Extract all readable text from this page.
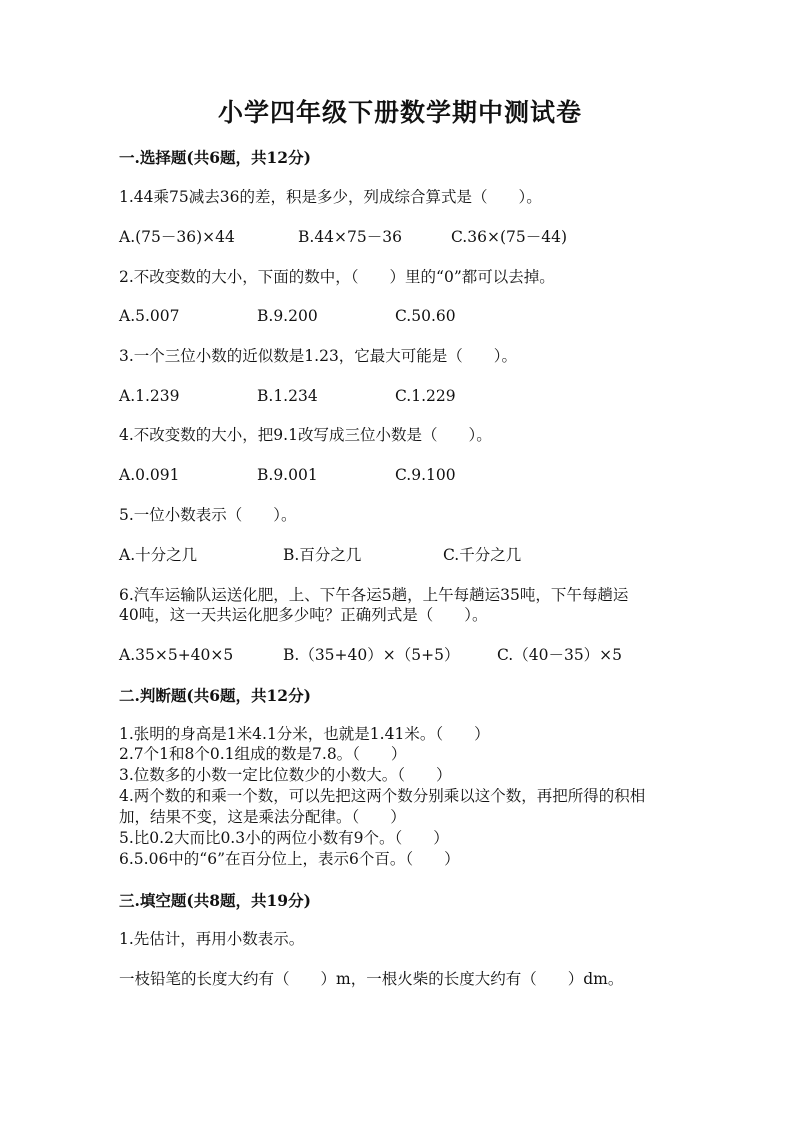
小学四年级下册数学期中测试卷
一.选择题(共6题，共12分)
1.44乘75减去36的差，积是多少，列成综合算式是（　　）。
A.(75－36)×44	B.44×75－36	C.36×(75－44)
2.不改变数的大小，下面的数中，（　　）里的“0”都可以去掉。
A.5.007	B.9.200	C.50.60
3.一个三位小数的近似数是1.23，它最大可能是（　　）。
A.1.239	B.1.234	C.1.229
4.不改变数的大小，把9.1改写成三位小数是（　　）。
A.0.091	B.9.001	C.9.100
5.一位小数表示（　　）。
A.十分之几	B.百分之几	C.千分之几
6.汽车运输队运送化肥，上、下午各运5趟，上午每趟运35吨，下午每趟运
40吨，这一天共运化肥多少吨？正确列式是（　　）。
A.35×5+40×5	B.（35+40）×（5+5） C.（40－35）×5
二.判断题(共6题，共12分)
1.张明的身高是1米4.1分米，也就是1.41米。（　　）
2.7个1和8个0.1组成的数是7.8。（　　）
3.位数多的小数一定比位数少的小数大。（　　）
4.两个数的和乘一个数，可以先把这两个数分别乘以这个数，再把所得的积相
加，结果不变，这是乘法分配律。（　　）
5.比0.2大而比0.3小的两位小数有9个。（　　）
6.5.06中的“6”在百分位上，表示6个百。（　　）
三.填空题(共8题，共19分)
1.先估计，再用小数表示。
一枝铅笔的长度大约有（　　）m，一根火柴的长度大约有（　　）dm。
